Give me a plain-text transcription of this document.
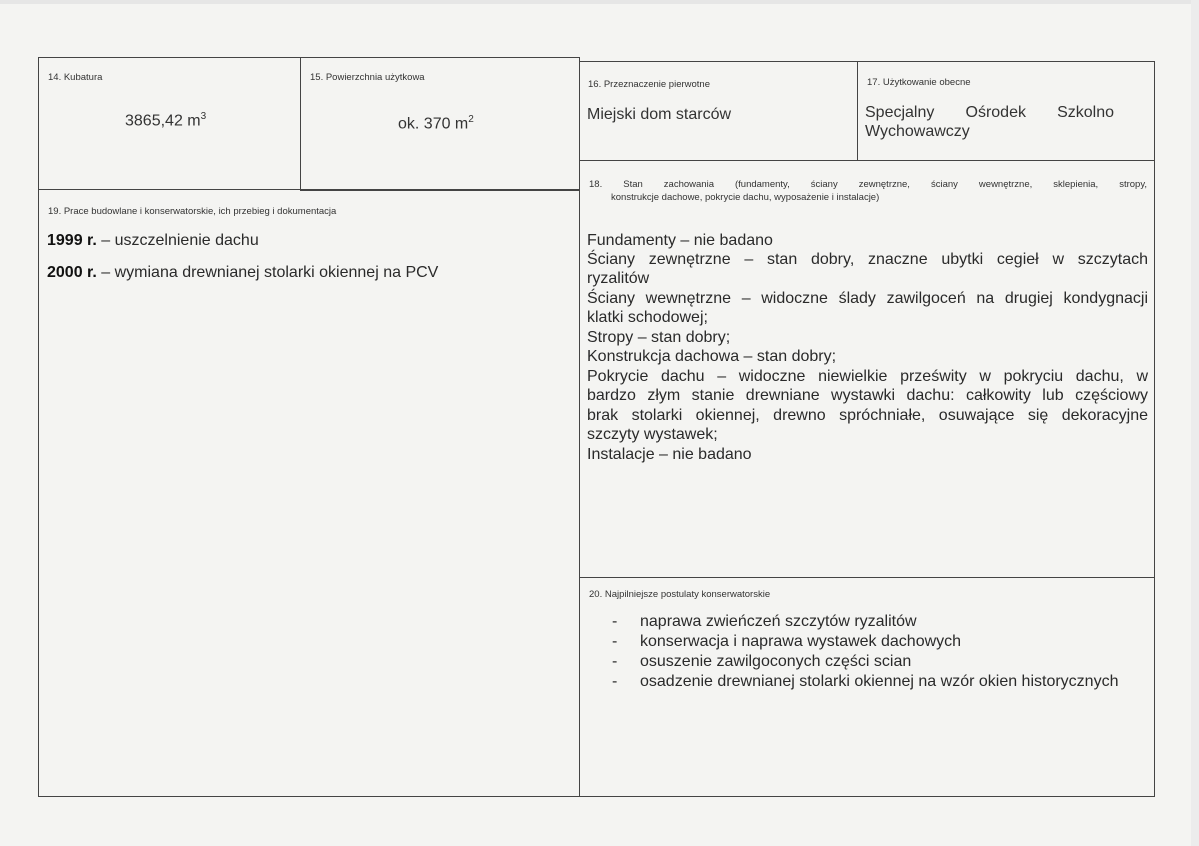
14. Kubatura
3865,42 $m^3$
15. Powierzchnia użytkowa
ok. 370 $m^2$
16. Przeznaczenie pierwotne
Miejski dom starców
17. Użytkowanie obecne
Specjalny       Ośrodek       Szkolno
Wychowawczy
19. Prace budowlane i konserwatorskie, ich przebieg i dokumentacja
1999 r. – uszczelnienie dachu
2000 r. – wymiana drewnianej stolarki okiennej na PCV
18. Stan zachowania (fundamenty, ściany zewnętrzne, ściany wewnętrzne, sklepienia, stropy,
konstrukcje dachowe, pokrycie dachu, wyposażenie i instalacje)
Fundamenty – nie badano
Ściany zewnętrzne – stan dobry, znaczne ubytki cegieł w szczytach
ryzalitów
Ściany wewnętrzne – widoczne ślady zawilgoceń na drugiej kondygnacji
klatki schodowej;
Stropy – stan dobry;
Konstrukcja dachowa – stan dobry;
Pokrycie dachu – widoczne niewielkie prześwity w pokryciu dachu, w
bardzo złym stanie drewniane wystawki dachu: całkowity lub częściowy
brak stolarki okiennej, drewno spróchniałe, osuwające się dekoracyjne
szczyty wystawek;
Instalacje – nie badano
20. Najpilniejsze postulaty konserwatorskie
- naprawa zwieńczeń szczytów ryzalitów
- konserwacja i naprawa wystawek dachowych
- osuszenie zawilgoconych części scian
- osadzenie drewnianej stolarki okiennej na wzór okien historycznych
